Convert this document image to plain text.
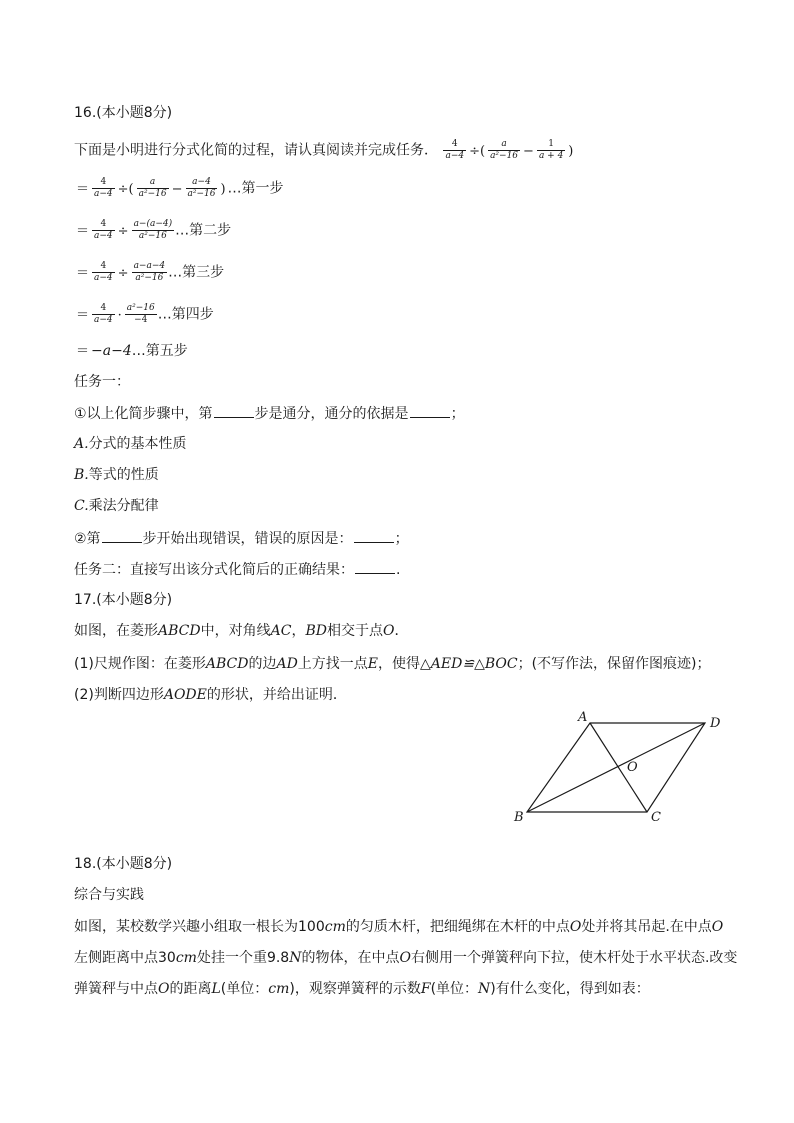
16.(本小题8分)
下面是小明进行分式化简的过程，请认真阅读并完成任务． $\frac{4}{a-4}$ ÷( $\frac{a}{\text{a²−16}} - \frac{1}{a + 4}$ )
＝ $\frac{4}{a-4}$ ÷( $\frac{a}{\text{a²−16}} - \frac{a-4}{\text{a²−16}}$ ) …第一步
＝ $\frac{4}{a-4} \div \frac{a-(a-4)}{\text{a²−16}}$ …第二步
＝ $\frac{4}{a-4} \div \frac{a-a-4}{\text{a²−16}}$ …第三步
＝ $\frac{4}{a-4} \cdot \frac{\text{a²−16}}{-4}$ …第四步
＝ −a−4…第五步
任务一：
①以上化简步骤中，第	步是通分，通分的依据是	；
A.分式的基本性质
B.等式的性质
C.乘法分配律
②第	步开始出现错误，错误的原因是：	；
任务二：直接写出该分式化简后的正确结果：	.
17.(本小题8分)
如图，在菱形ABCD中，对角线AC，BD相交于点O．
(1)尺规作图：在菱形ABCD的边AD上方找一点E，使得△AED≌△BOC；(不写作法，保留作图痕迹)；
(2)判断四边形AODE的形状，并给出证明．
A	D
O
B	C
18.(本小题8分)
综合与实践
如图，某校数学兴趣小组取一根长为100cm的匀质木杆，把细绳绑在木杆的中点O处并将其吊起.在中点O
左侧距离中点30cm处挂一个重9.8N的物体，在中点O右侧用一个弹簧秤向下拉，使木杆处于水平状态.改变
弹簧秤与中点O的距离L(单位：cm)，观察弹簧秤的示数F(单位：N)有什么变化，得到如表：
